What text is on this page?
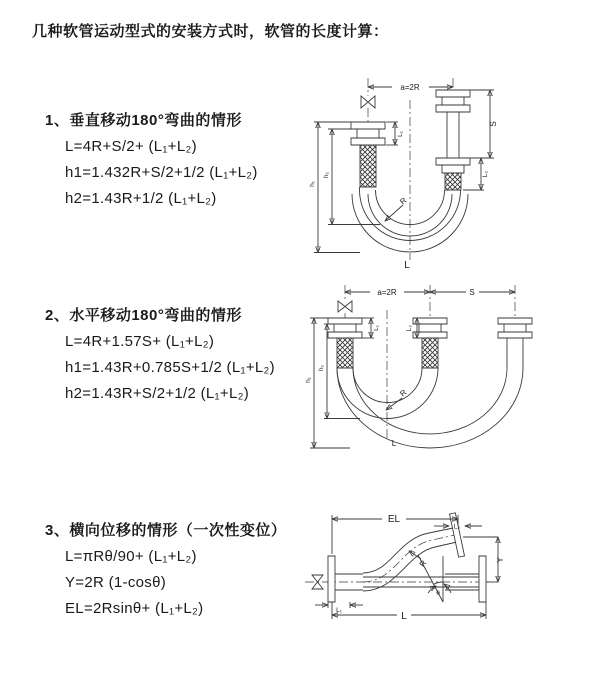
几种软管运动型式的安装方式时，软管的长度计算：
1、垂直移动180°弯曲的情形
L=4R+S/2+ (L₁+L₂)
h1=1.432R+S/2+1/2 (L₁+L₂)
h2=1.43R+1/2 (L₁+L₂)
2、水平移动180°弯曲的情形
L=4R+1.57S+ (L₁+L₂)
h1=1.43R+0.785S+1/2 (L₁+L₂)
h2=1.43R+S/2+1/2 (L₁+L₂)
3、横向位移的情形（一次性变位）
L=πRθ/90+ (L₁+L₂)
Y=2R (1-cosθ)
EL=2Rsinθ+ (L₁+L₂)
a=2R
L₁
h₁
h₂
S
L₂
R
L
a=2R	S
L₁	L₂
h₁
h₂
R
L
EL
L₂
Y
θ
R
L₁
L
